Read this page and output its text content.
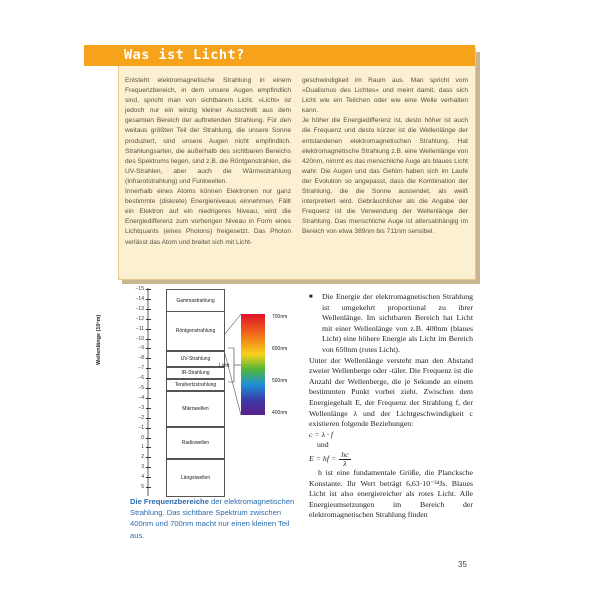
Was ist Licht?

Entsteht elektromagnetische Strahlung in einem Frequenzbereich, in dem unsere Augen empfindlich sind, spricht man von sichtbarem Licht. »Licht« ist jedoch nur ein winzig kleiner Ausschnitt aus dem gesamten Bereich der auftretenden Strahlung. Für den weitaus größten Teil der Strahlung, die unsere Sonne produziert, sind unsere Augen nicht empfindlich. Strahlungsarten, die außerhalb des sichtbaren Bereichs des Spektrums liegen, sind z.B. die Röntgenstrahlen, die UV-Strahlen, aber auch die Wärmestrahlung (Infrarotstrahlung) und Funkwellen.

Innerhalb eines Atoms können Elektronen nur ganz bestimmte (diskrete) Energieniveaus einnehmen. Fällt ein Elektron auf ein niedrigeres Niveau, wird die Energiedifferenz zum vorherigen Niveau in Form eines Lichtquants (eines Photons) freigesetzt. Das Photon verlässt das Atom und breitet sich mit Licht-

geschwindigkeit im Raum aus. Man spricht vom »Dualismus des Lichtes« und meint damit, dass sich Licht wie ein Teilchen oder wie eine Welle verhalten kann.

Je höher die Energiedifferenz ist, desto höher ist auch die Frequenz und desto kürzer ist die Wellenlänge der entstandenen elektromagnetischen Strahlung. Hat elektromagnetische Strahlung z.B. eine Wellenlänge von 420nm, nimmt es das menschliche Auge als blaues Licht wahr. Die Augen und das Gehirn haben sich im Laufe der Evolution so angepasst, dass die Kombination der Strahlung, die die Sonne aussendet, als weiß interpretiert wird. Gebräuchlicher als die Angabe der Frequenz ist die Verwendung der Wellenlänge der Strahlung. Das menschliche Auge ist altersabhängig im Bereich von etwa 389nm bis 711nm sensibel.

Wellenlänge (10ⁿm)
−15
−14
−13
−12
−11
−10
−9
−8
−7
−6
−5
−4
−3
−2
−1
0
1
2
3
4
5
Gammastrahlung
Röntgenstrahlung
UV-Strahlung
IR-Strahlung
Terahertzstrahlung
Mikrowellen
Radiowellen
Längstwellen
Licht
700nm
600nm
500nm
400nm
Die Frequenzbereiche der elektromagnetischen Strahlung. Das sichtbare Spektrum zwischen 400nm und 700nm macht nur einen kleinen Teil aus.

■ Die Energie der elektromagnetischen Strahlung ist umgekehrt proportional zu ihrer Wellenlänge. Im sichtbaren Bereich hat Licht mit einer Wellenlänge von z.B. 400nm (blaues Licht) eine höhere Energie als Licht im Bereich von 650nm (rotes Licht).

Unter der Wellenlänge versteht man den Abstand zweier Wellenberge oder -täler. Die Frequenz ist die Anzahl der Wellenberge, die je Sekunde an einem bestimmten Punkt vorbei zieht. Zwischen dem Energiegehalt E, der Frequenz der Strahlung f, der Wellenlänge λ und der Lichtgeschwindigkeit c existieren folgende Beziehungen:

c = λ · f

und

E = hf = $\frac{hc}{\lambda}$

h ist eine fundamentale Größe, die Plancksche Konstante. Ihr Wert beträgt 6,63·10⁻³⁴Js. Blaues Licht ist also energiereicher als rotes Licht. Alle Energieumsetzungen im Bereich der elektromagnetischen Strahlung finden

35
